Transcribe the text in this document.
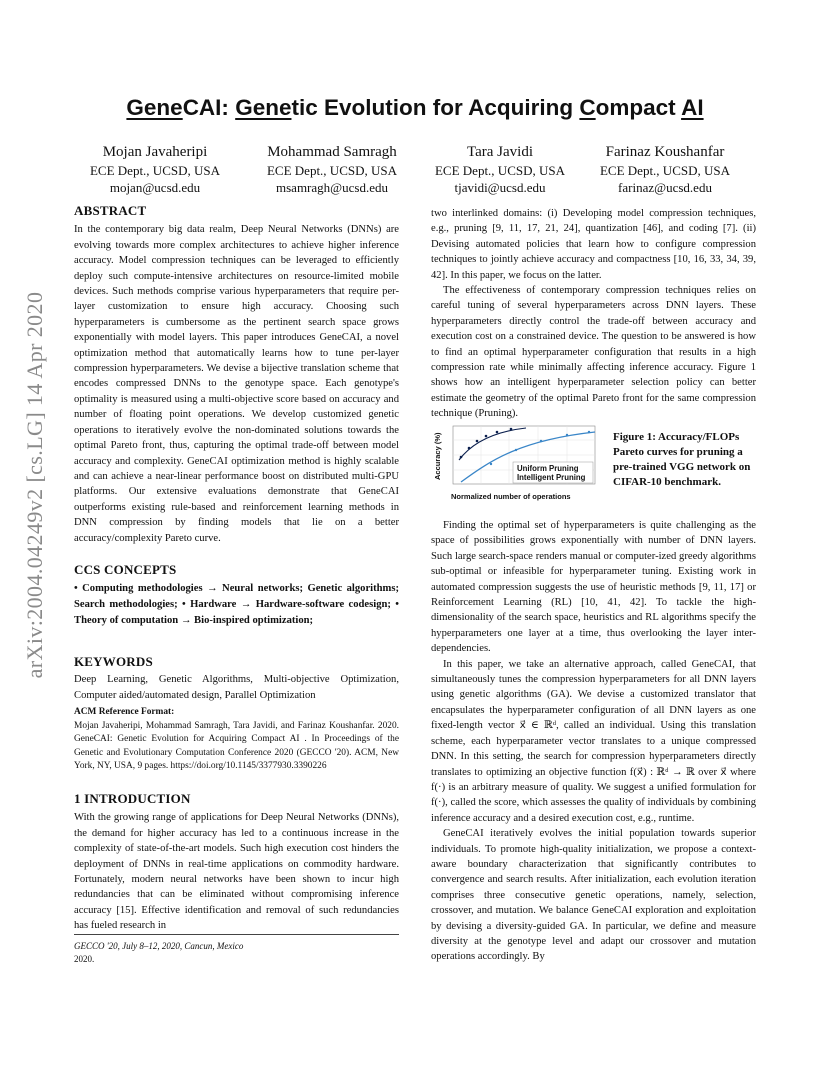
arXiv:2004.04249v2 [cs.LG] 14 Apr 2020
GeneCAI: Genetic Evolution for Acquiring Compact AI
Mojan Javaheripi
ECE Dept., UCSD, USA
mojan@ucsd.edu
Mohammad Samragh
ECE Dept., UCSD, USA
msamragh@ucsd.edu
Tara Javidi
ECE Dept., UCSD, USA
tjavidi@ucsd.edu
Farinaz Koushanfar
ECE Dept., UCSD, USA
farinaz@ucsd.edu
ABSTRACT

In the contemporary big data realm, Deep Neural Networks (DNNs) are evolving towards more complex architectures to achieve higher inference accuracy. Model compression techniques can be leveraged to efficiently deploy such compute-intensive architectures on resource-limited mobile devices. Such methods comprise various hyperparameters that require per-layer customization to ensure high accuracy. Choosing such hyperparameters is cumbersome as the pertinent search space grows exponentially with model layers. This paper introduces GeneCAI, a novel optimization method that automatically learns how to tune per-layer compression hyperparameters. We devise a bijective translation scheme that encodes compressed DNNs to the genotype space. Each genotype's optimality is measured using a multi-objective score based on accuracy and number of floating point operations. We develop customized genetic operations to iteratively evolve the non-dominated solutions towards the optimal Pareto front, thus, capturing the optimal trade-off between model accuracy and complexity. GeneCAI optimization method is highly scalable and can achieve a near-linear performance boost on distributed multi-GPU platforms. Our extensive evaluations demonstrate that GeneCAI outperforms existing rule-based and reinforcement learning methods in DNN compression by finding models that lie on a better accuracy/complexity Pareto curve.

CCS CONCEPTS

• Computing methodologies → Neural networks; Genetic algorithms; Search methodologies; • Hardware → Hardware-software codesign; • Theory of computation → Bio-inspired optimization;

KEYWORDS

Deep Learning, Genetic Algorithms, Multi-objective Optimization, Computer aided/automated design, Parallel Optimization

ACM Reference Format:

Mojan Javaheripi, Mohammad Samragh, Tara Javidi, and Farinaz Koushanfar. 2020. GeneCAI: Genetic Evolution for Acquiring Compact AI . In Proceedings of the Genetic and Evolutionary Computation Conference 2020 (GECCO '20). ACM, New York, NY, USA, 9 pages. https://doi.org/10.1145/3377930.3390226

1 INTRODUCTION

With the growing range of applications for Deep Neural Networks (DNNs), the demand for higher accuracy has led to a continuous increase in the complexity of state-of-the-art models. Such high execution cost hinders the deployment of DNNs in real-time applications on commodity hardware. Fortunately, modern neural networks have been shown to incur high redundancies that can be eliminated without compromising inference accuracy [15]. Effective identification and removal of such redundancies has fueled research in

GECCO '20, July 8–12, 2020, Cancun, Mexico
2020.

two interlinked domains: (i) Developing model compression techniques, e.g., pruning [9, 11, 17, 21, 24], quantization [46], and coding [7]. (ii) Devising automated policies that learn how to configure compression techniques to jointly achieve accuracy and compactness [10, 16, 33, 34, 39, 42]. In this paper, we focus on the latter.

The effectiveness of contemporary compression techniques relies on careful tuning of several hyperparameters across DNN layers. These hyperparameters directly control the trade-off between accuracy and execution cost on a constrained device. The question to be answered is how to find an optimal hyperparameter configuration that results in a high compression rate while minimally affecting inference accuracy. Figure 1 shows how an intelligent hyperparameter selection policy can better estimate the geometry of the optimal Pareto front for the same compression technique (Pruning).

Uniform Pruning
Intelligent Pruning
Accuracy (%)
Normalized number of operations
Figure 1: Accuracy/FLOPs Pareto curves for pruning a pre-trained VGG network on CIFAR-10 benchmark.

Finding the optimal set of hyperparameters is quite challenging as the space of possibilities grows exponentially with number of DNN layers. Such large search-space renders manual or computer-ized greedy algorithms sub-optimal or infeasible for hyperparameter tuning. Existing work in automated compression suggests the use of heuristic methods [9, 11, 17] or Reinforcement Learning (RL) [10, 41, 42]. To tackle the high-dimensionality of the search space, heuristics and RL algorithms specify the hyperparameters one layer at a time, thus overlooking the layer inter-dependencies.

In this paper, we take an alternative approach, called GeneCAI, that simultaneously tunes the compression hyperparameters for all DNN layers using genetic algorithms (GA). We devise a customized translator that encapsulates the hyperparameter configuration of all DNN layers as one fixed-length vector x⃗ ∈ ℝᵈ, called an individual. Using this translation scheme, each hyperparameter vector translates to a unique compressed DNN. In this setting, the search for compression hyperparameters directly translates to optimizing an objective function f(x⃗) : ℝᵈ → ℝ over x⃗ where f(·) is an arbitrary measure of quality. We suggest a unified formulation for f(·), called the score, which assesses the quality of individuals by combining inference accuracy and a desired execution cost, e.g., runtime.

GeneCAI iteratively evolves the initial population towards superior individuals. To promote high-quality initialization, we propose a context-aware boundary characterization that significantly contributes to convergence and search results. After initialization, each evolution iteration comprises three consecutive genetic operations, namely, selection, crossover, and mutation. We balance GeneCAI exploration and exploitation by devising a diversity-guided GA. In particular, we define and measure diversity at the genotype level and adapt our crossover and mutation operations accordingly. By
